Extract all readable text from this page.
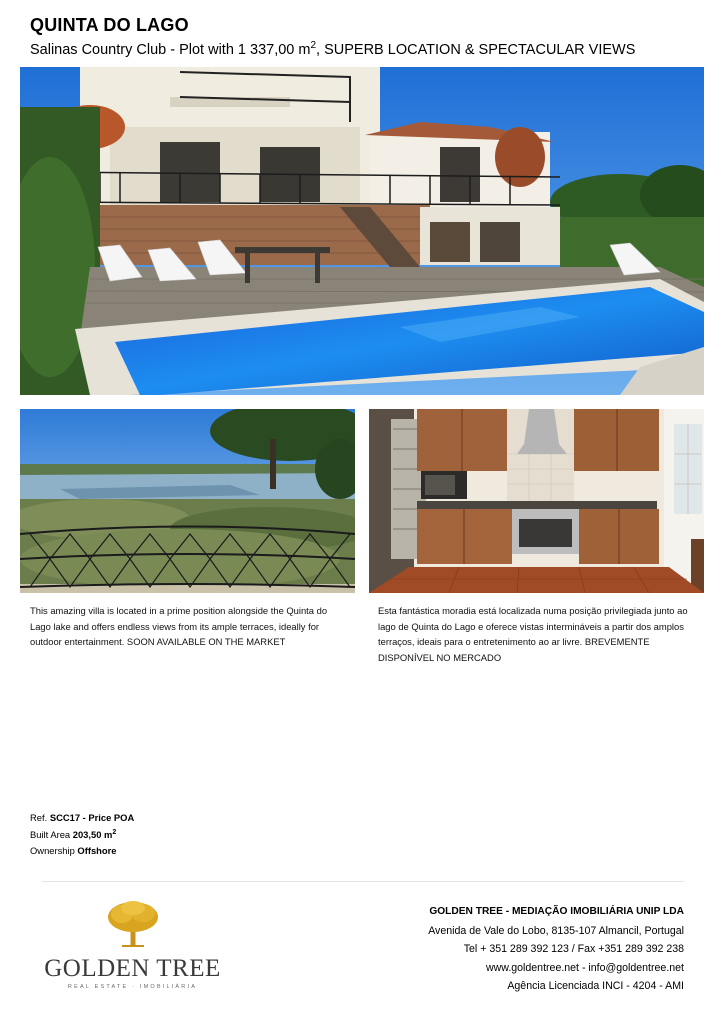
QUINTA DO LAGO
Salinas Country Club - Plot with 1 337,00 $m^2$, SUPERB LOCATION & SPECTACULAR VIEWS
This amazing villa is located in a prime position alongside the Quinta do Lago lake and offers endless views from its ample terraces, ideally for outdoor entertainment. SOON AVAILABLE ON THE MARKET
Esta fantástica moradia está localizada numa posição privilegiada junto ao lago de Quinta do Lago e oferece vistas intermináveis a partir dos amplos terraços, ideais para o entretenimento ao ar livre. BREVEMENTE DISPONÍVEL NO MERCADO
Ref. SCC17 - Price POA
Built Area 203,50 $m^2$
Ownership Offshore
GOLDEN TREE
REAL ESTATE · IMOBILIÁRIA
GOLDEN TREE - MEDIAÇÃO IMOBILIÁRIA UNIP LDA
Avenida de Vale do Lobo, 8135-107 Almancil, Portugal
Tel + 351 289 392 123 / Fax +351 289 392 238
www.goldentree.net - info@goldentree.net
Agência Licenciada INCI - 4204 - AMI
